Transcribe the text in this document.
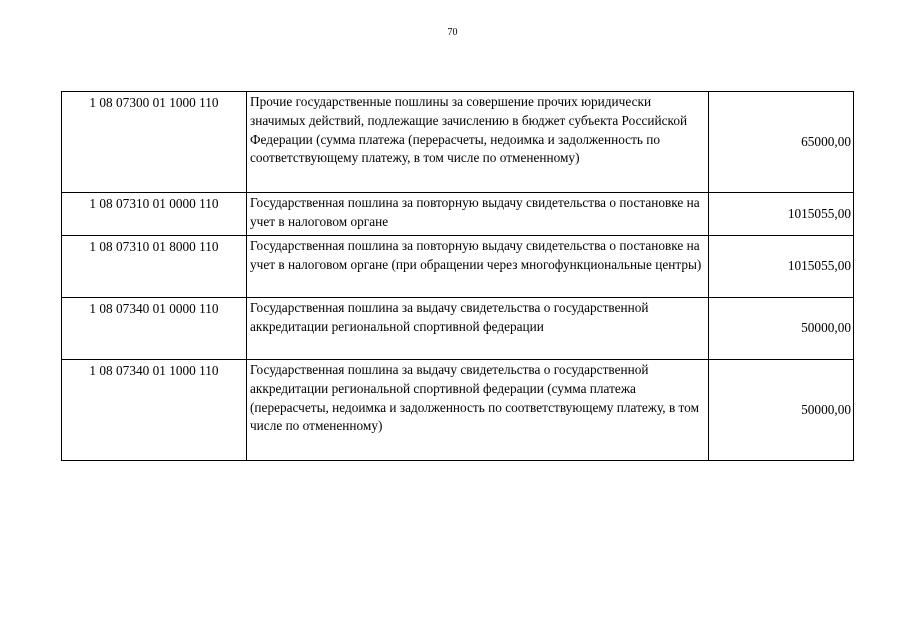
70
1 08 07300 01 1000 110	Прочие государственные пошлины за совершение прочих юридически значимых действий, подлежащие зачислению в бюджет субъекта Российской Федерации (сумма платежа (перерасчеты, недоимка и задолженность по соответствующему платежу, в том числе по отмененному)	65000,00
1 08 07310 01 0000 110	Государственная пошлина за повторную выдачу свидетельства о постановке на учет в налоговом органе	1015055,00
1 08 07310 01 8000 110	Государственная пошлина за повторную выдачу свидетельства о постановке на учет в налоговом органе (при обращении через многофункциональные центры)	1015055,00
1 08 07340 01 0000 110	Государственная пошлина за выдачу свидетельства о государственной аккредитации региональной спортивной федерации	50000,00
1 08 07340 01 1000 110	Государственная пошлина за выдачу свидетельства о государственной аккредитации региональной спортивной федерации (сумма платежа (перерасчеты, недоимка и задолженность по соответствующему платежу, в том числе по отмененному)	50000,00
